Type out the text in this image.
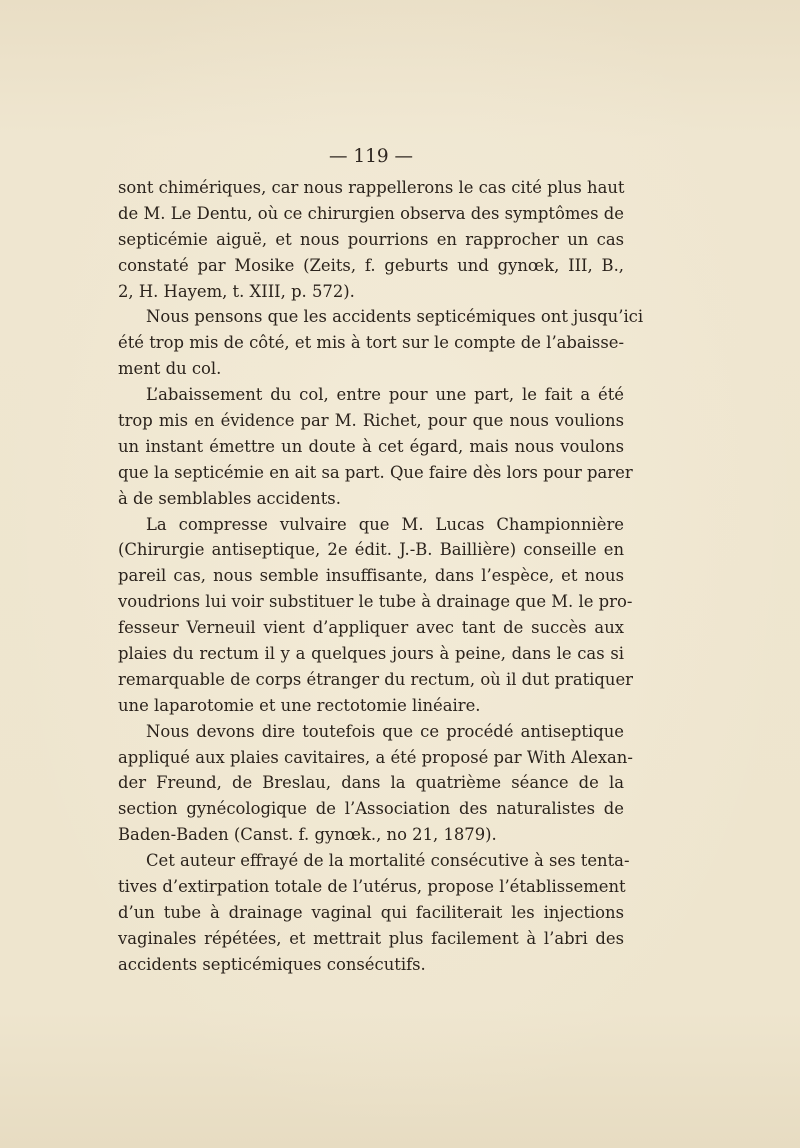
— 119 —
sont chimériques, car nous rappellerons le cas cité plus haut
de M. Le Dentu, où ce chirurgien observa des symptômes de
septicémie aiguë, et nous pourrions en rapprocher un cas
constaté par Mosike (Zeits, f. geburts und gynœk, III, B.,
2, H. Hayem, t. XIII, p. 572).
Nous pensons que les accidents septicémiques ont jusqu’ici
été trop mis de côté, et mis à tort sur le compte de l’abaisse-
ment du col.
L’abaissement du col, entre pour une part, le fait a été
trop mis en évidence par M. Richet, pour que nous voulions
un instant émettre un doute à cet égard, mais nous voulons
que la septicémie en ait sa part. Que faire dès lors pour parer
à de semblables accidents.
La compresse vulvaire que M. Lucas Championnière
(Chirurgie antiseptique, 2e édit. J.-B. Baillière) conseille en
pareil cas, nous semble insuffisante, dans l’espèce, et nous
voudrions lui voir substituer le tube à drainage que M. le pro-
fesseur Verneuil vient d’appliquer avec tant de succès aux
plaies du rectum il y a quelques jours à peine, dans le cas si
remarquable de corps étranger du rectum, où il dut pratiquer
une laparotomie et une rectotomie linéaire.
Nous devons dire toutefois que ce procédé antiseptique
appliqué aux plaies cavitaires, a été proposé par With Alexan-
der Freund, de Breslau, dans la quatrième séance de la
section gynécologique de l’Association des naturalistes de
Baden-Baden (Canst. f. gynœk., no 21, 1879).
Cet auteur effrayé de la mortalité consécutive à ses tenta-
tives d’extirpation totale de l’utérus, propose l’établissement
d’un tube à drainage vaginal qui faciliterait les injections
vaginales répétées, et mettrait plus facilement à l’abri des
accidents septicémiques consécutifs.
